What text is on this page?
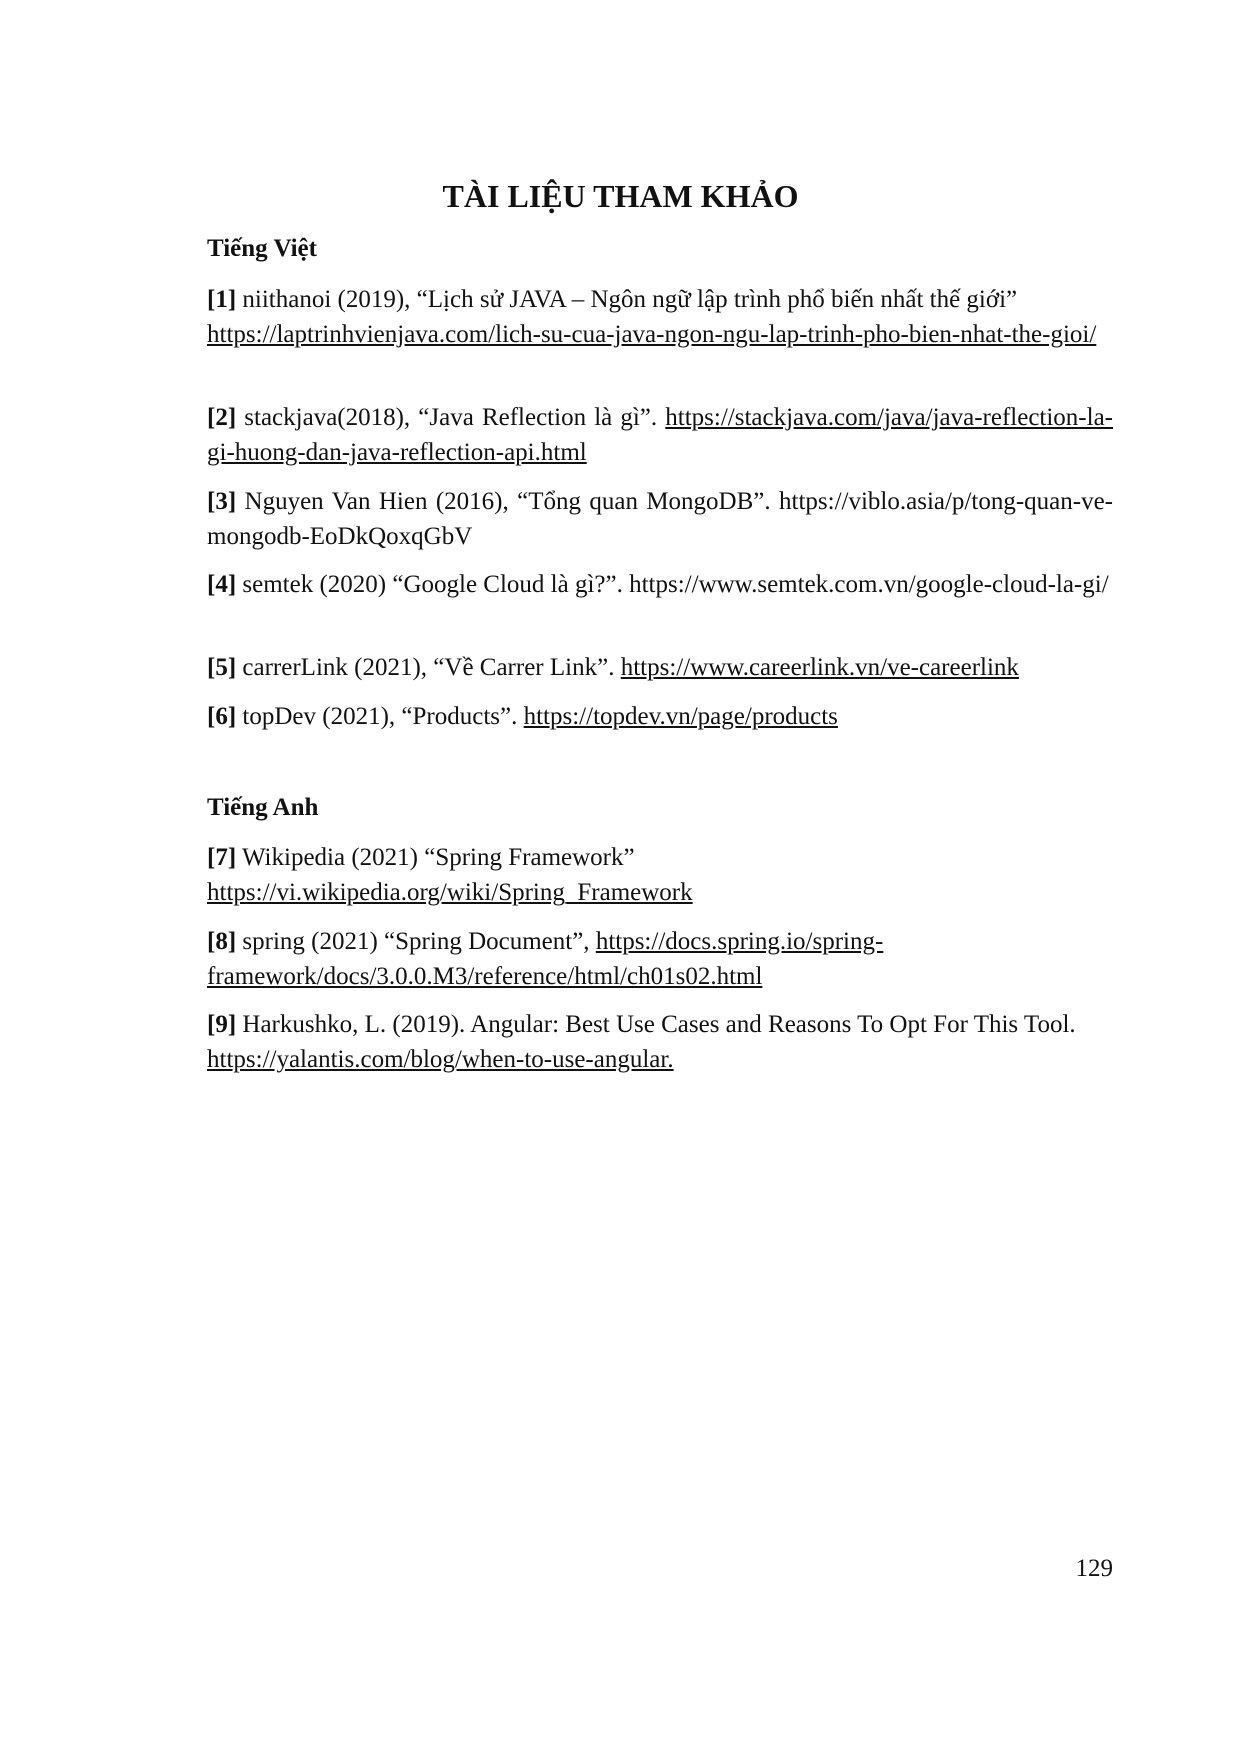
TÀI LIỆU THAM KHẢO
Tiếng Việt
[1] niithanoi (2019), “Lịch sử JAVA – Ngôn ngữ lập trình phổ biến nhất thế giới” https://laptrinhvienjava.com/lich-su-cua-java-ngon-ngu-lap-trinh-pho-bien-nhat-the-gioi/
[2] stackjava(2018), “Java Reflection là gì”. https://stackjava.com/java/java-reflection-la-gi-huong-dan-java-reflection-api.html
[3] Nguyen Van Hien (2016), “Tổng quan MongoDB”. https://viblo.asia/p/tong-quan-ve-mongodb-EoDkQoxqGbV
[4] semtek (2020) “Google Cloud là gì?”. https://www.semtek.com.vn/google-cloud-la-gi/
[5] carrerLink (2021), “Về Carrer Link”. https://www.careerlink.vn/ve-careerlink
[6] topDev (2021), “Products”. https://topdev.vn/page/products
Tiếng Anh
[7] Wikipedia (2021) “Spring Framework”
https://vi.wikipedia.org/wiki/Spring_Framework
[8] spring (2021) “Spring Document”, https://docs.spring.io/spring-framework/docs/3.0.0.M3/reference/html/ch01s02.html
[9] Harkushko, L. (2019). Angular: Best Use Cases and Reasons To Opt For This Tool. https://yalantis.com/blog/when-to-use-angular.
129
